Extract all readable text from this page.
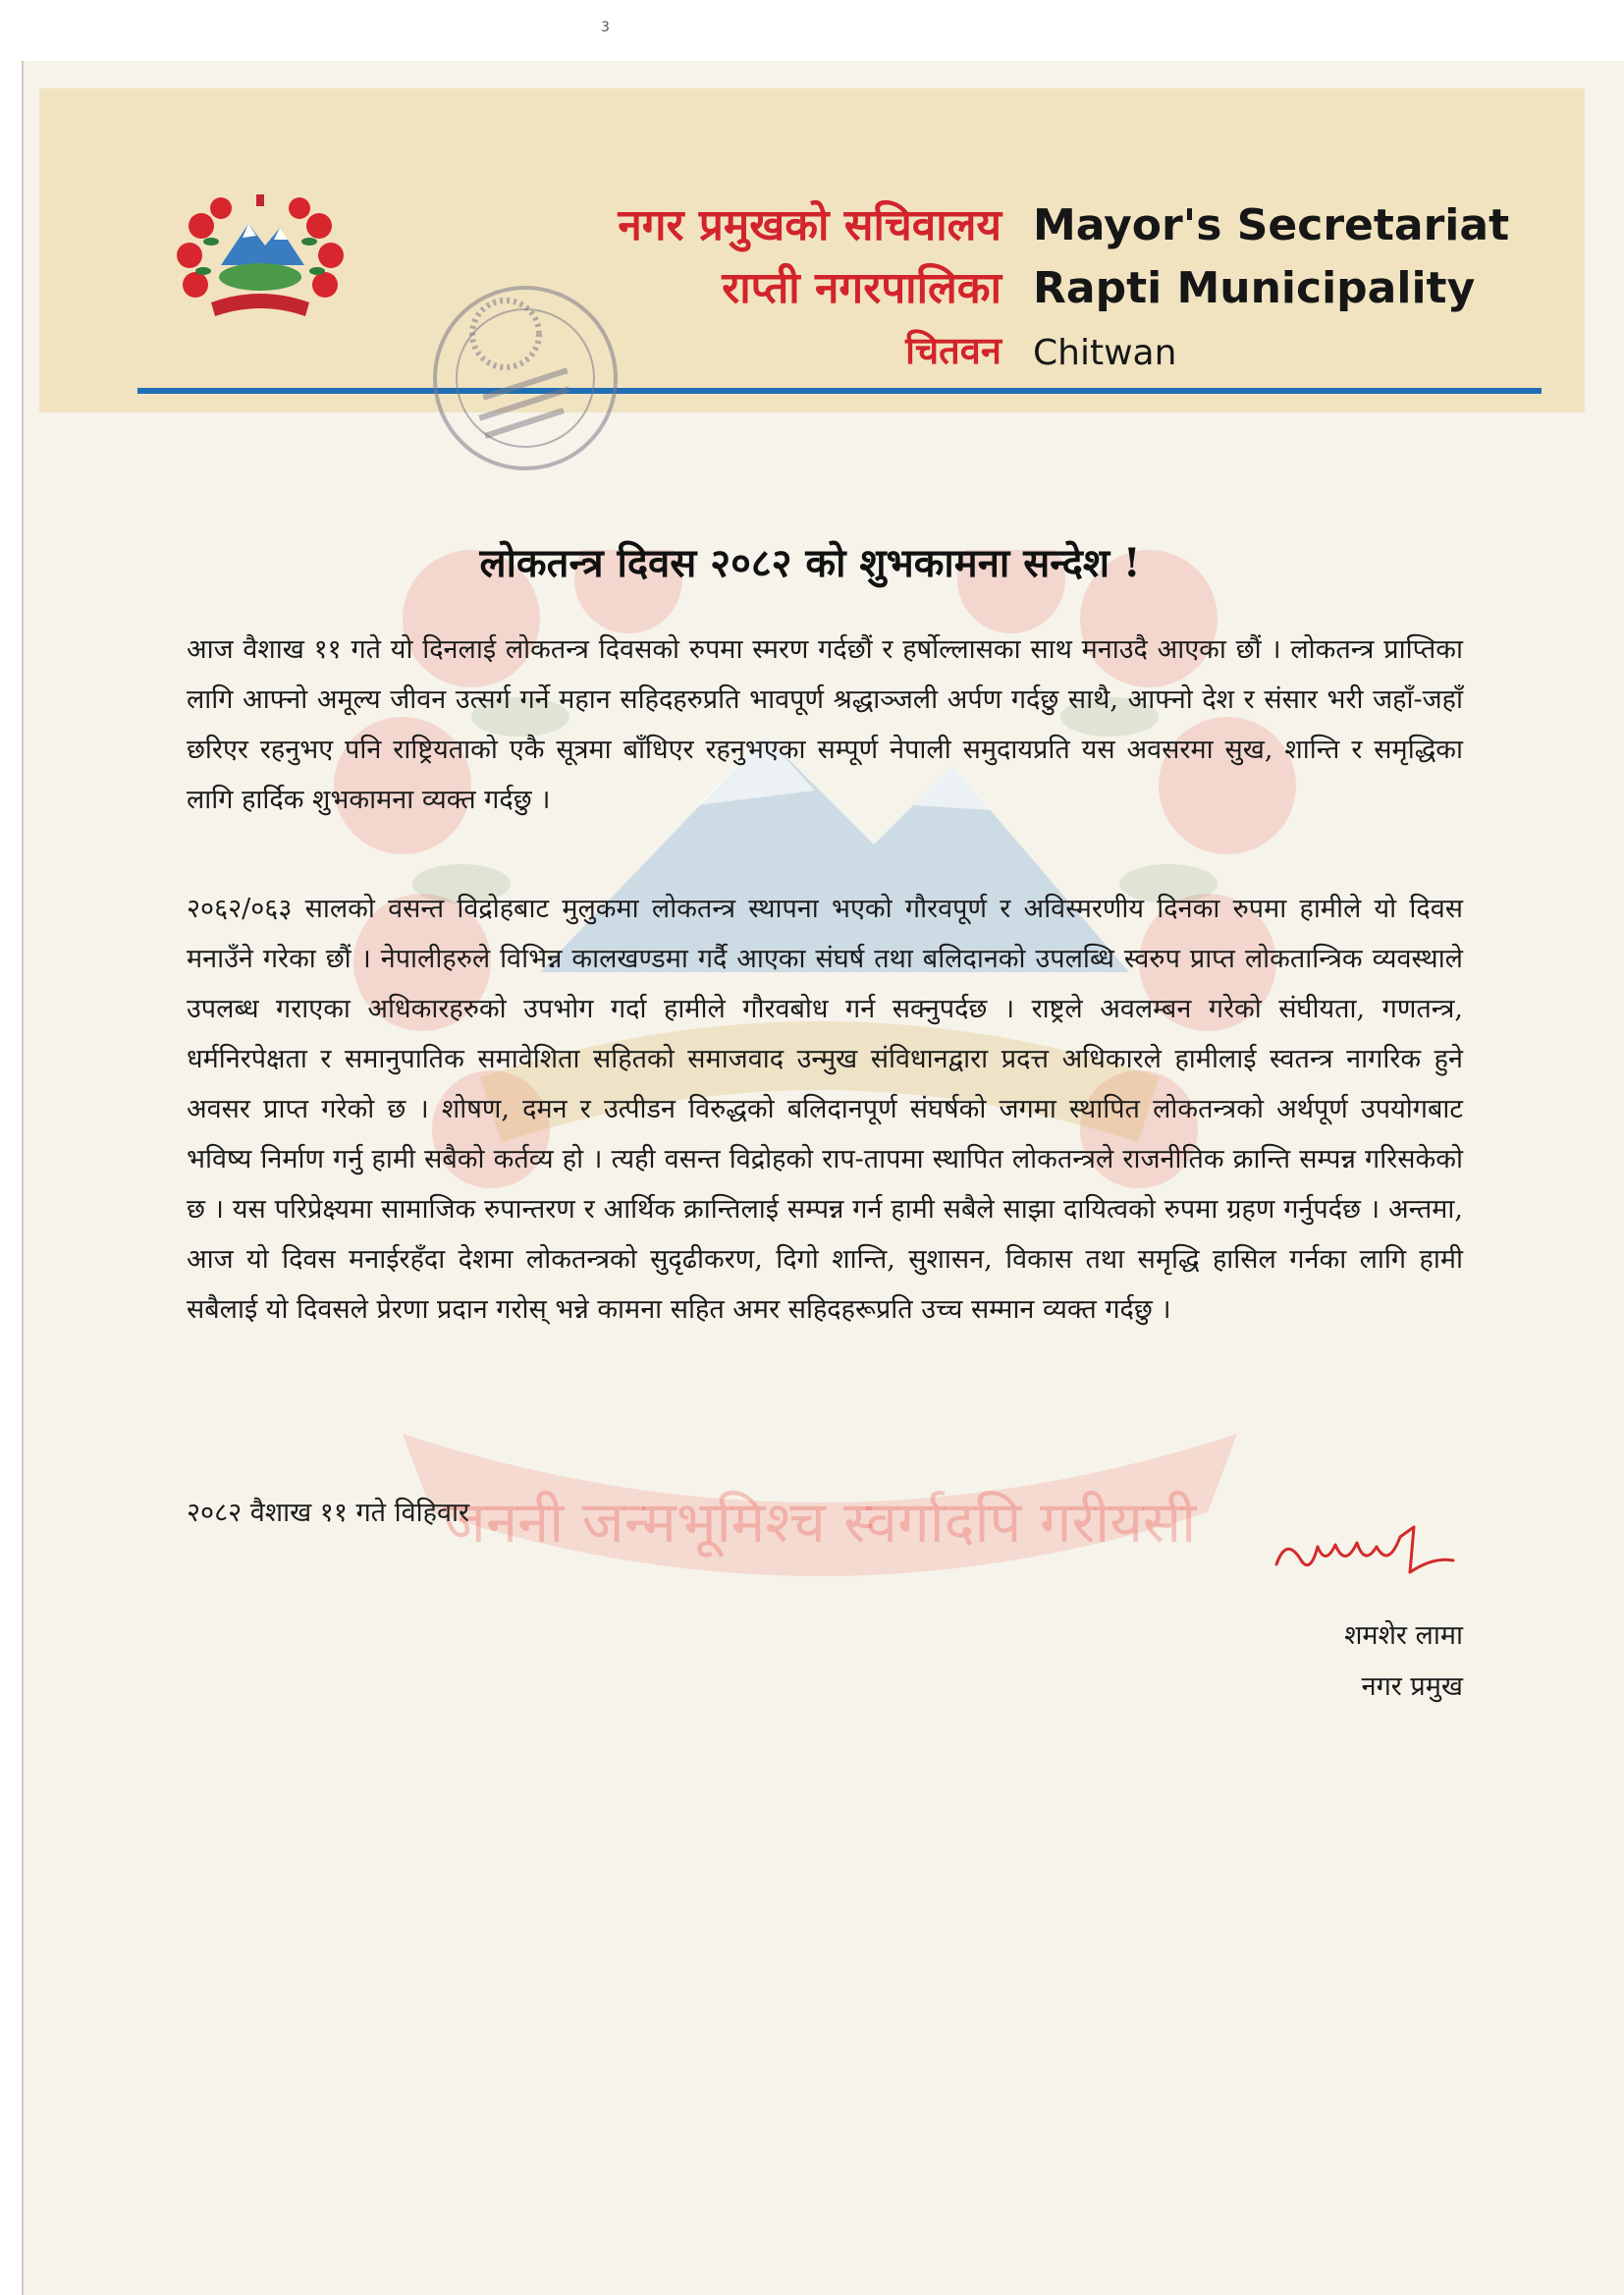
3
नगर प्रमुखको सचिवालय
राप्ती नगरपालिका
चितवन
Mayor's Secretariat
Rapti Municipality
Chitwan
जननी जन्मभूमिश्च स्वर्गादपि गरीयसी
लोकतन्त्र दिवस २०८२ को शुभकामना सन्देश !

आज वैशाख ११ गते यो दिनलाई लोकतन्त्र दिवसको रुपमा स्मरण गर्दछौं र हर्षोल्लासका साथ मनाउदै आएका छौं । लोकतन्त्र प्राप्तिका लागि आफ्नो अमूल्य जीवन उत्सर्ग गर्ने महान सहिदहरुप्रति भावपूर्ण श्रद्धाञ्जली अर्पण गर्दछु साथै, आफ्नो देश र संसार भरी जहाँ-जहाँ छरिएर रहनुभए पनि राष्ट्रियताको एकै सूत्रमा बाँधिएर रहनुभएका सम्पूर्ण नेपाली समुदायप्रति यस अवसरमा सुख, शान्ति र समृद्धिका लागि हार्दिक शुभकामना व्यक्त गर्दछु ।

२०६२/०६३ सालको वसन्त विद्रोहबाट मुलुकमा लोकतन्त्र स्थापना भएको गौरवपूर्ण र अविस्मरणीय दिनका रुपमा हामीले यो दिवस मनाउँने गरेका छौं । नेपालीहरुले विभिन्न कालखण्डमा गर्दै आएका संघर्ष तथा बलिदानको उपलब्धि स्वरुप प्राप्त लोकतान्त्रिक व्यवस्थाले उपलब्ध गराएका अधिकारहरुको उपभोग गर्दा हामीले गौरवबोध गर्न सक्नुपर्दछ । राष्ट्रले अवलम्बन गरेको संघीयता, गणतन्त्र, धर्मनिरपेक्षता र समानुपातिक समावेशिता सहितको समाजवाद उन्मुख संविधानद्वारा प्रदत्त अधिकारले हामीलाई स्वतन्त्र नागरिक हुने अवसर प्राप्त गरेको छ । शोषण, दमन र उत्पीडन विरुद्धको बलिदानपूर्ण संघर्षको जगमा स्थापित लोकतन्त्रको अर्थपूर्ण उपयोगबाट भविष्य निर्माण गर्नु हामी सबैको कर्तव्य हो । त्यही वसन्त विद्रोहको राप-तापमा स्थापित लोकतन्त्रले राजनीतिक क्रान्ति सम्पन्न गरिसकेको छ । यस परिप्रेक्ष्यमा सामाजिक रुपान्तरण र आर्थिक क्रान्तिलाई सम्पन्न गर्न हामी सबैले साझा दायित्वको रुपमा ग्रहण गर्नुपर्दछ । अन्तमा, आज यो दिवस मनाईरहँदा देशमा लोकतन्त्रको सुदृढीकरण, दिगो शान्ति, सुशासन, विकास तथा समृद्धि हासिल गर्नका लागि हामी सबैलाई यो दिवसले प्रेरणा प्रदान गरोस् भन्ने कामना सहित अमर सहिदहरूप्रति उच्च सम्मान व्यक्त गर्दछु ।

२०८२ वैशाख ११ गते विहिवार
शमशेर लामा
नगर प्रमुख
